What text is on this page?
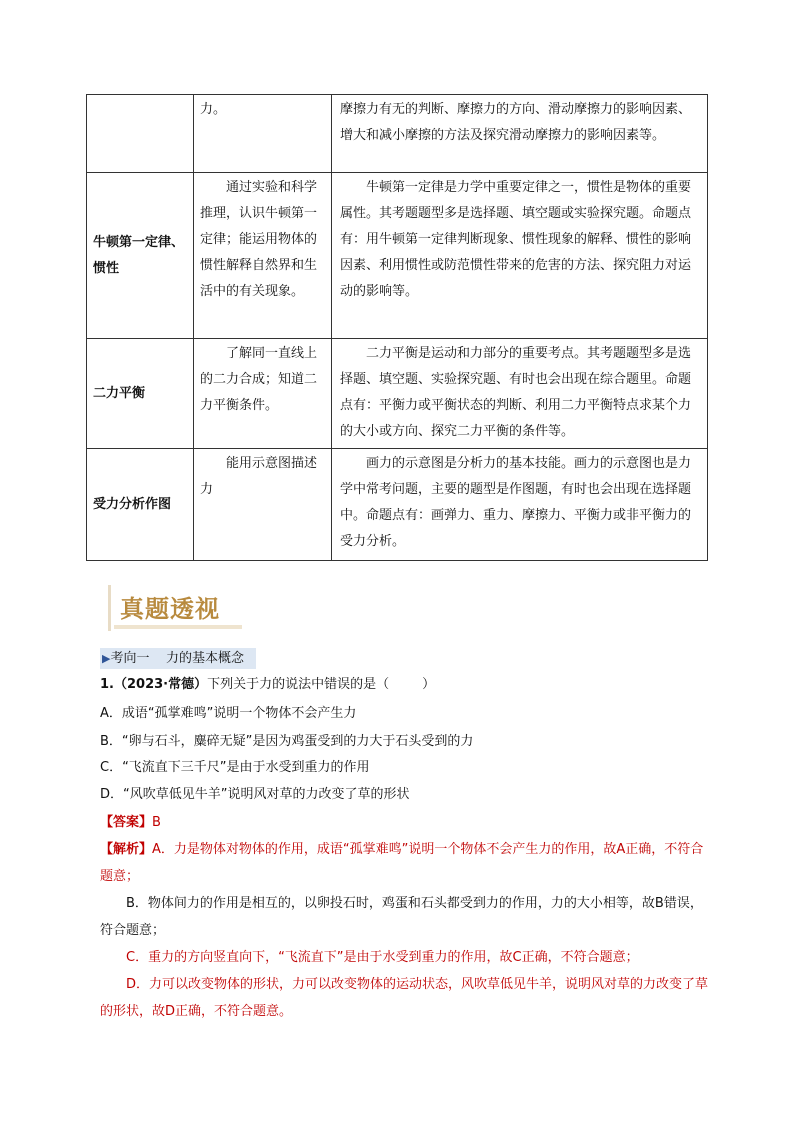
	力。	摩擦力有无的判断、摩擦力的方向、滑动摩擦力的影响因素、增大和减小摩擦的方法及探究滑动摩擦力的影响因素等。
牛顿第一定律、惯性	通过实验和科学推理，认识牛顿第一定律；能运用物体的惯性解释自然界和生活中的有关现象。	牛顿第一定律是力学中重要定律之一，惯性是物体的重要属性。其考题题型多是选择题、填空题或实验探究题。命题点有：用牛顿第一定律判断现象、惯性现象的解释、惯性的影响因素、利用惯性或防范惯性带来的危害的方法、探究阻力对运动的影响等。
二力平衡	了解同一直线上的二力合成；知道二力平衡条件。	二力平衡是运动和力部分的重要考点。其考题题型多是选择题、填空题、实验探究题、有时也会出现在综合题里。命题点有：平衡力或平衡状态的判断、利用二力平衡特点求某个力的大小或方向、探究二力平衡的条件等。
受力分析作图	能用示意图描述力	画力的示意图是分析力的基本技能。画力的示意图也是力学中常考问题，主要的题型是作图题，有时也会出现在选择题中。命题点有：画弹力、重力、摩擦力、平衡力或非平衡力的受力分析。
真题透视
▶考向一    力的基本概念
1.（2023·常德）下列关于力的说法中错误的是（        ）
A．成语“孤掌难鸣”说明一个物体不会产生力
B．“卵与石斗，麋碎无疑”是因为鸡蛋受到的力大于石头受到的力
C．“飞流直下三千尺”是由于水受到重力的作用
D．“风吹草低见牛羊”说明风对草的力改变了草的形状
【答案】B
【解析】A．力是物体对物体的作用，成语“孤掌难鸣”说明一个物体不会产生力的作用，故A正确，不符合题意；
B．物体间力的作用是相互的，以卵投石时，鸡蛋和石头都受到力的作用，力的大小相等，故B错误，符合题意；
C．重力的方向竖直向下，“飞流直下”是由于水受到重力的作用，故C正确，不符合题意；
D．力可以改变物体的形状，力可以改变物体的运动状态，风吹草低见牛羊，说明风对草的力改变了草的形状，故D正确，不符合题意。
